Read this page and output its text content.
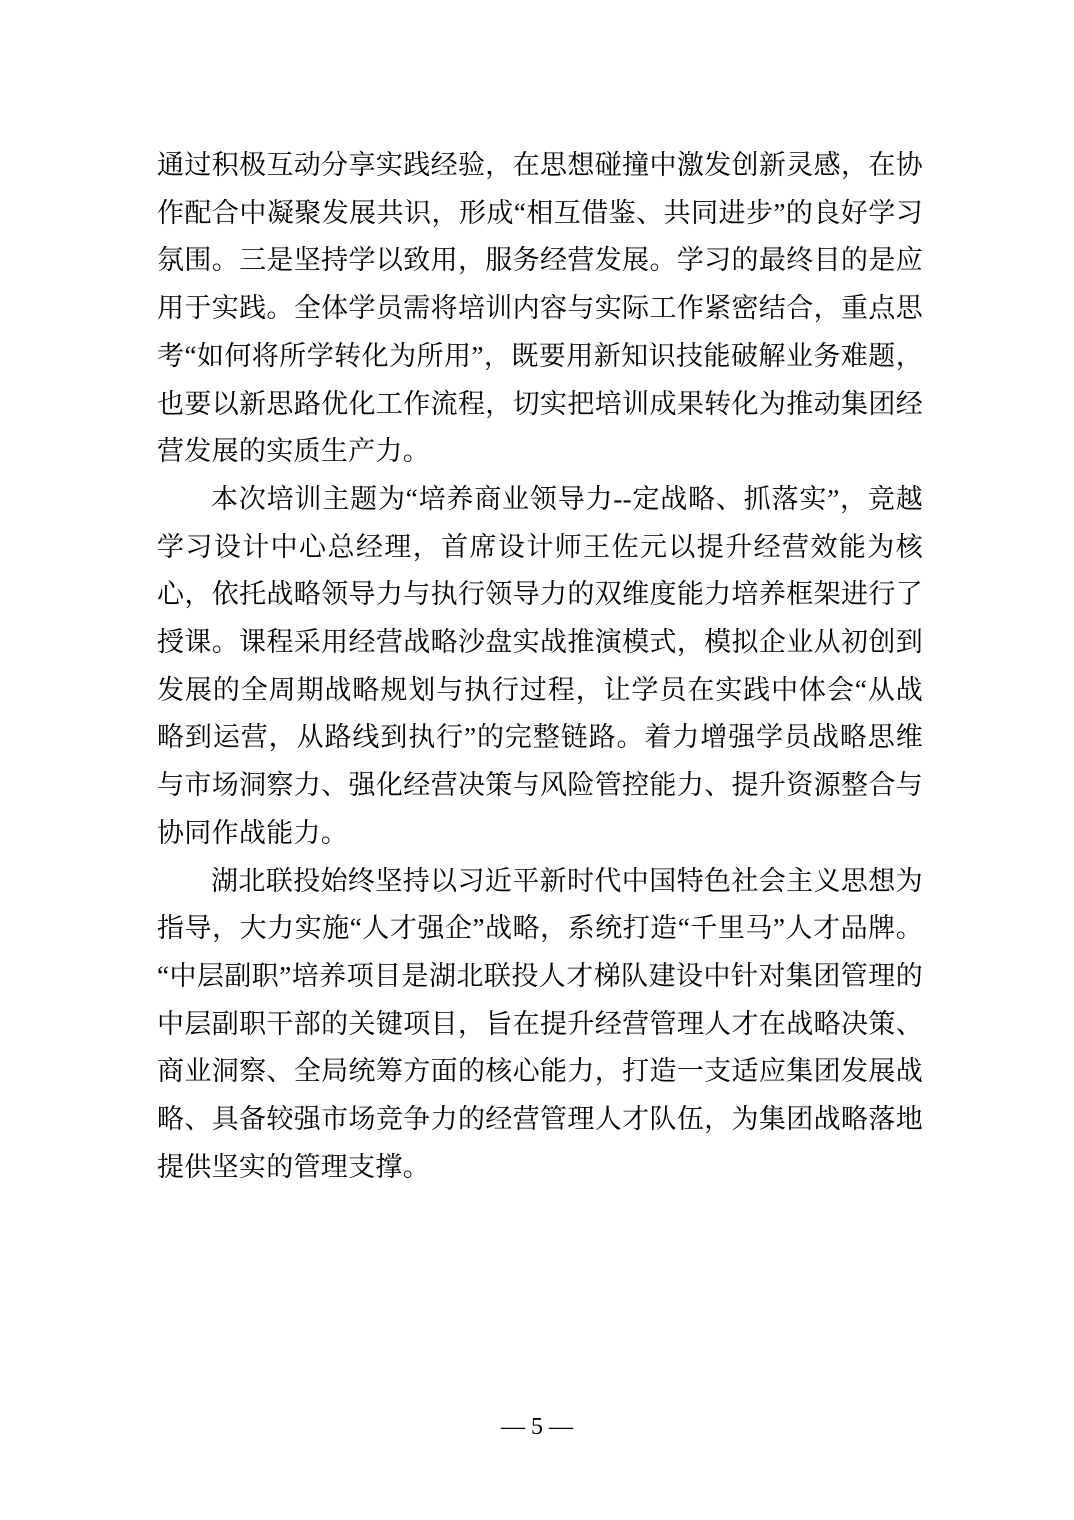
通过积极互动分享实践经验，在思想碰撞中激发创新灵感，在协作配合中凝聚发展共识，形成“相互借鉴、共同进步”的良好学习氛围。三是坚持学以致用，服务经营发展。学习的最终目的是应用于实践。全体学员需将培训内容与实际工作紧密结合，重点思考“如何将所学转化为所用”，既要用新知识技能破解业务难题，也要以新思路优化工作流程，切实把培训成果转化为推动集团经营发展的实质生产力。

本次培训主题为“培养商业领导力--定战略、抓落实”，竞越学习设计中心总经理，首席设计师王佐元以提升经营效能为核心，依托战略领导力与执行领导力的双维度能力培养框架进行了授课。课程采用经营战略沙盘实战推演模式，模拟企业从初创到发展的全周期战略规划与执行过程，让学员在实践中体会“从战略到运营，从路线到执行”的完整链路。着力增强学员战略思维与市场洞察力、强化经营决策与风险管控能力、提升资源整合与协同作战能力。

湖北联投始终坚持以习近平新时代中国特色社会主义思想为指导，大力实施“人才强企”战略，系统打造“千里马”人才品牌。“中层副职”培养项目是湖北联投人才梯队建设中针对集团管理的中层副职干部的关键项目，旨在提升经营管理人才在战略决策、商业洞察、全局统筹方面的核心能力，打造一支适应集团发展战略、具备较强市场竞争力的经营管理人才队伍，为集团战略落地提供坚实的管理支撑。

— 5 —
